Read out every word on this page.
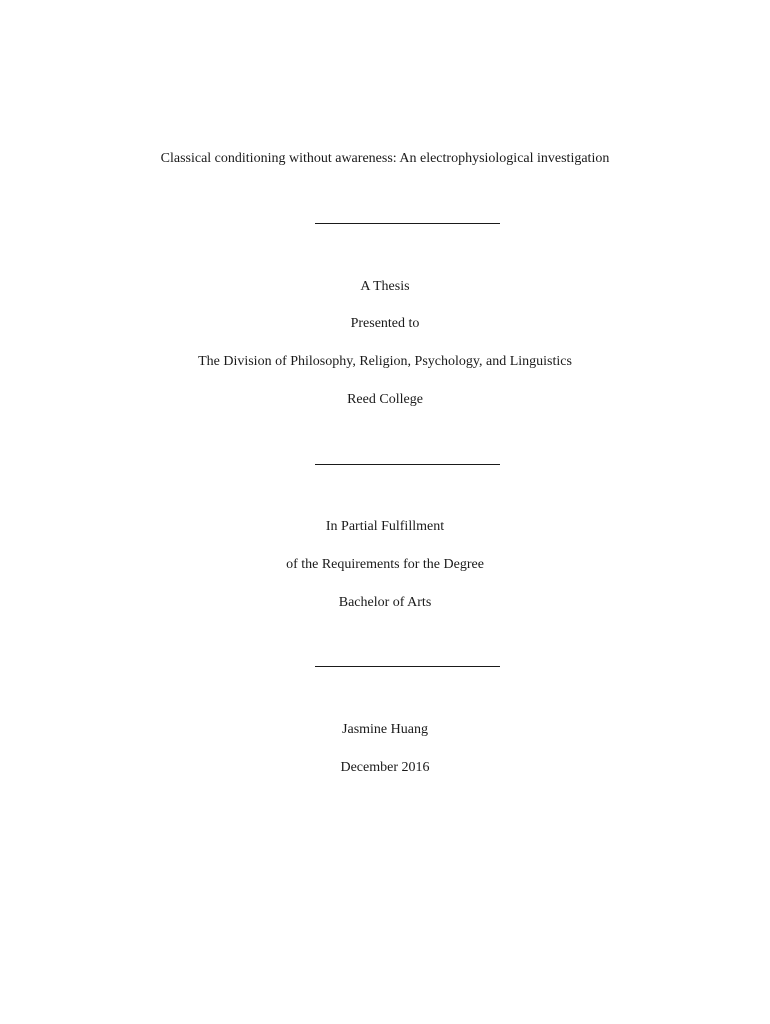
Classical conditioning without awareness: An electrophysiological investigation
A Thesis
Presented to
The Division of Philosophy, Religion, Psychology, and Linguistics
Reed College
In Partial Fulfillment
of the Requirements for the Degree
Bachelor of Arts
Jasmine Huang
December 2016
